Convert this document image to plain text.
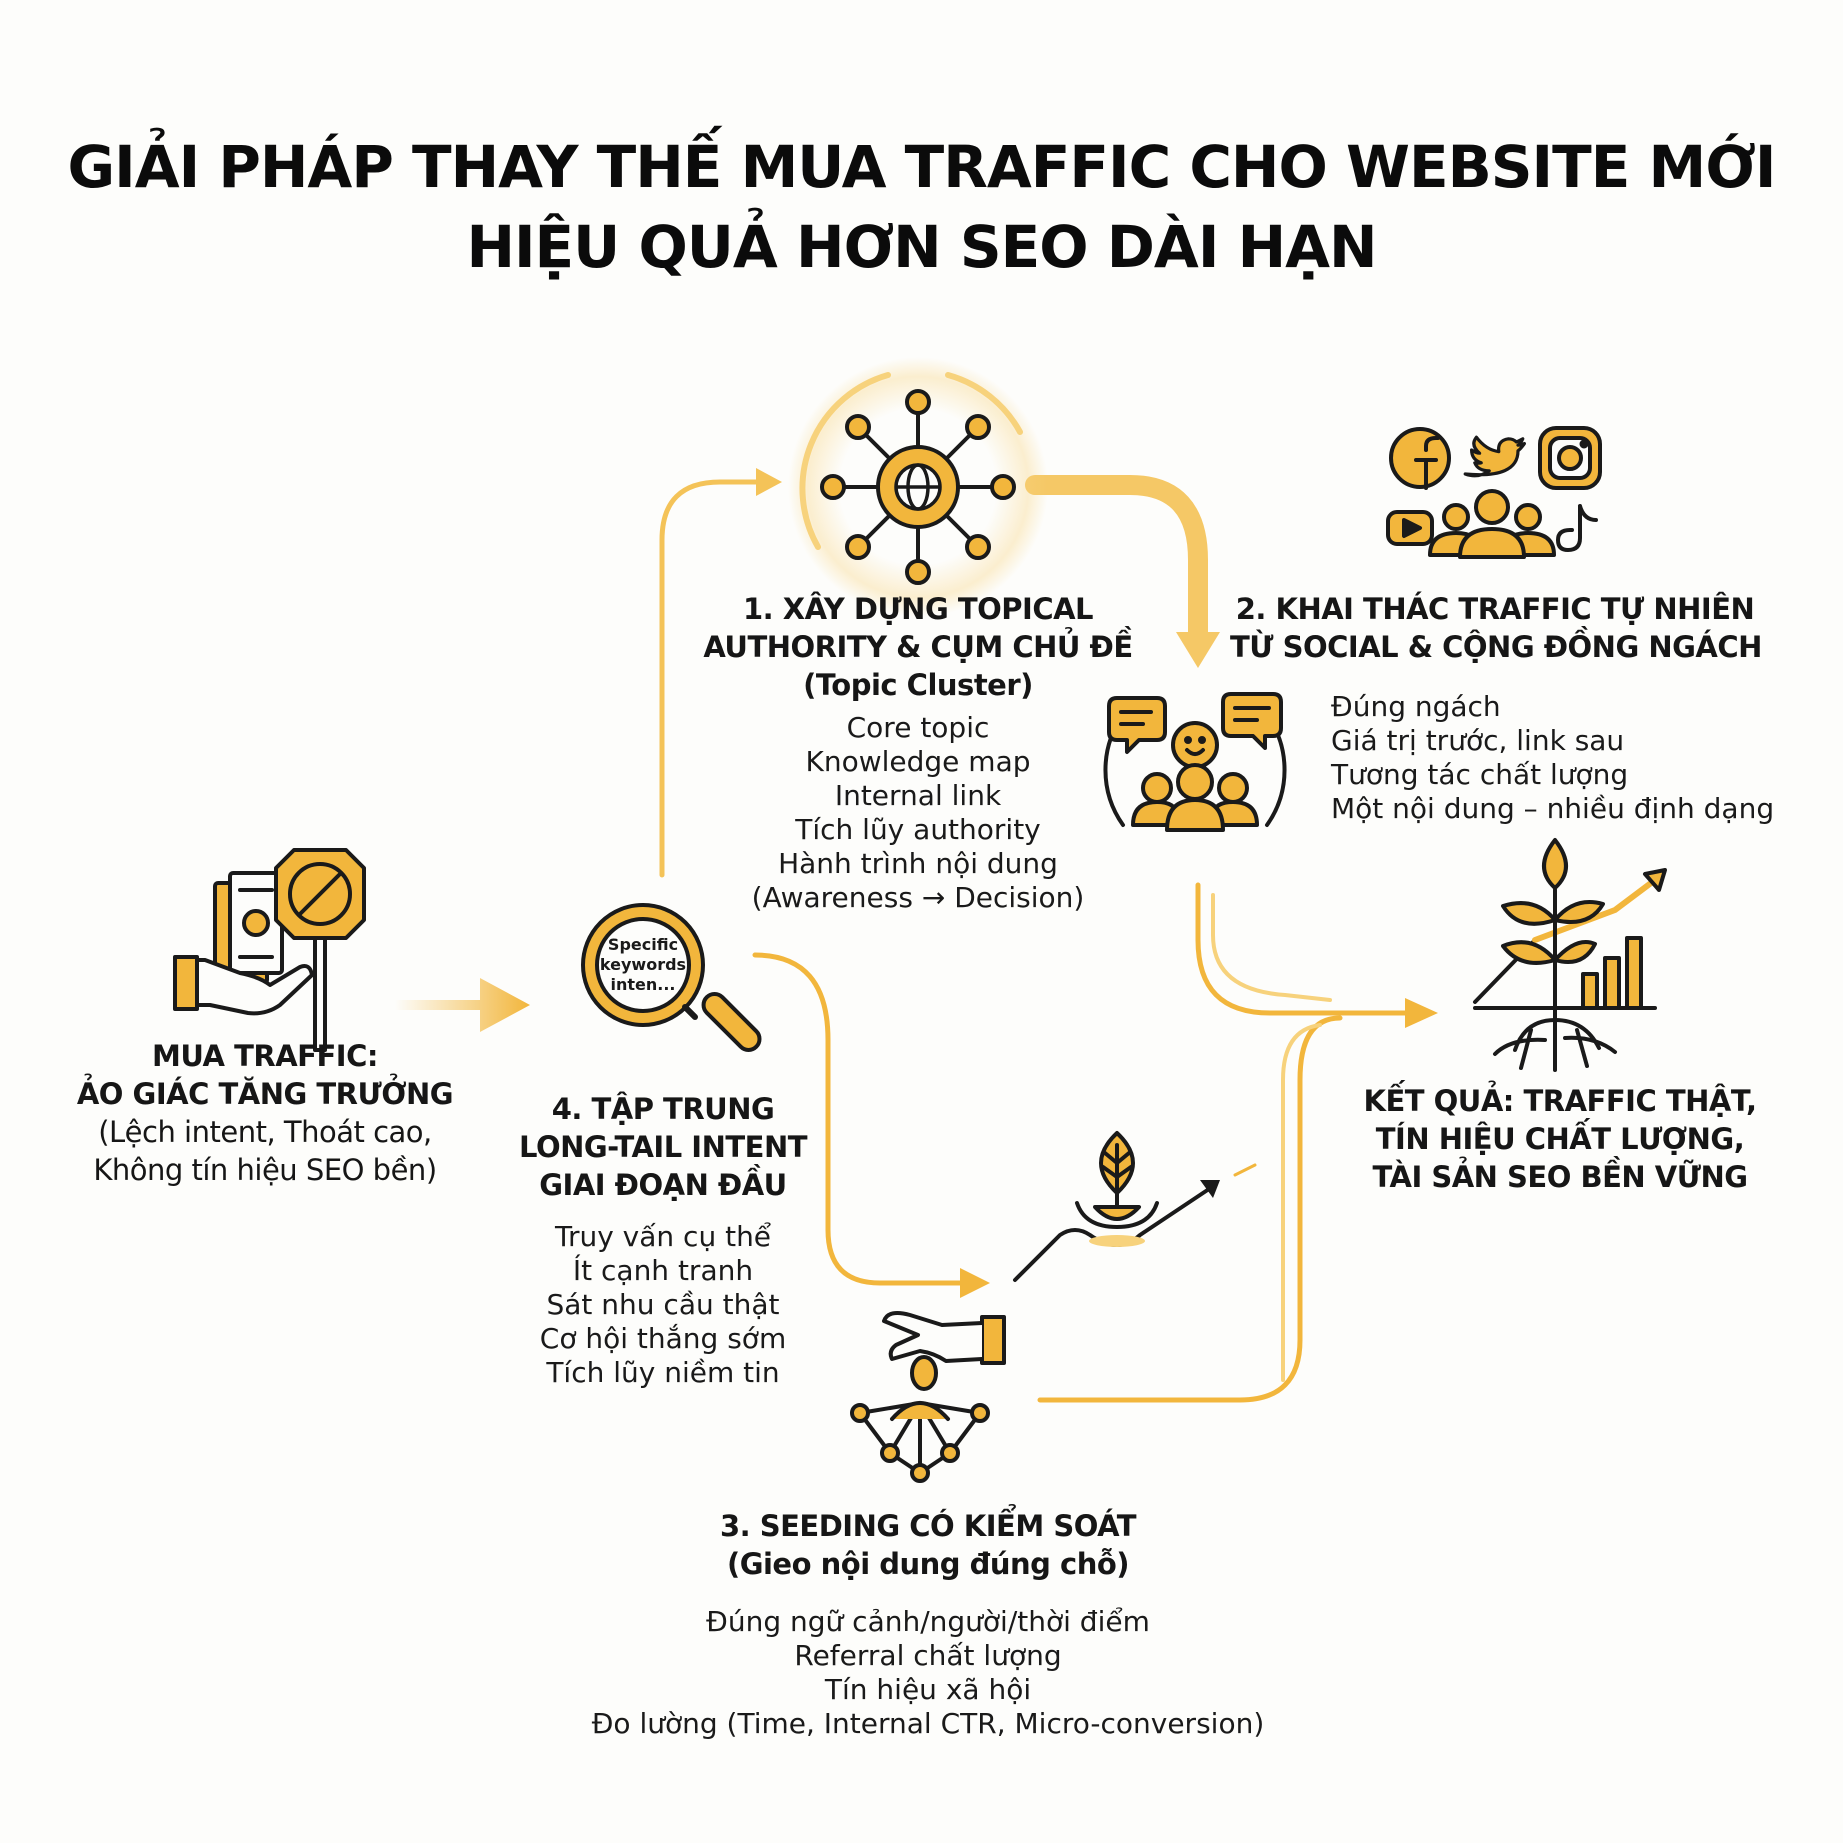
GIẢI PHÁP THAY THẾ MUA TRAFFIC CHO WEBSITE MỚI
HIỆU QUẢ HƠN SEO DÀI HẠN
MUA TRAFFIC:
ẢO GIÁC TĂNG TRƯỞNG
(Lệch intent, Thoát cao,
Không tín hiệu SEO bền)
1. XÂY DỰNG TOPICAL
AUTHORITY & CỤM CHỦ ĐỀ
(Topic Cluster)
Core topic
Knowledge map
Internal link
Tích lũy authority
Hành trình nội dung
(Awareness → Decision)
2. KHAI THÁC TRAFFIC TỰ NHIÊN
TỪ SOCIAL & CỘNG ĐỒNG NGÁCH
Đúng ngách
Giá trị trước, link sau
Tương tác chất lượng
Một nội dung – nhiều định dạng
4. TẬP TRUNG
LONG-TAIL INTENT
GIAI ĐOẠN ĐẦU
Truy vấn cụ thể
Ít cạnh tranh
Sát nhu cầu thật
Cơ hội thắng sớm
Tích lũy niềm tin
Specific
keywords
inten...
3. SEEDING CÓ KIỂM SOÁT
(Gieo nội dung đúng chỗ)
Đúng ngữ cảnh/người/thời điểm
Referral chất lượng
Tín hiệu xã hội
Đo lường (Time, Internal CTR, Micro-conversion)
KẾT QUẢ: TRAFFIC THẬT,
TÍN HIỆU CHẤT LƯỢNG,
TÀI SẢN SEO BỀN VỮNG
